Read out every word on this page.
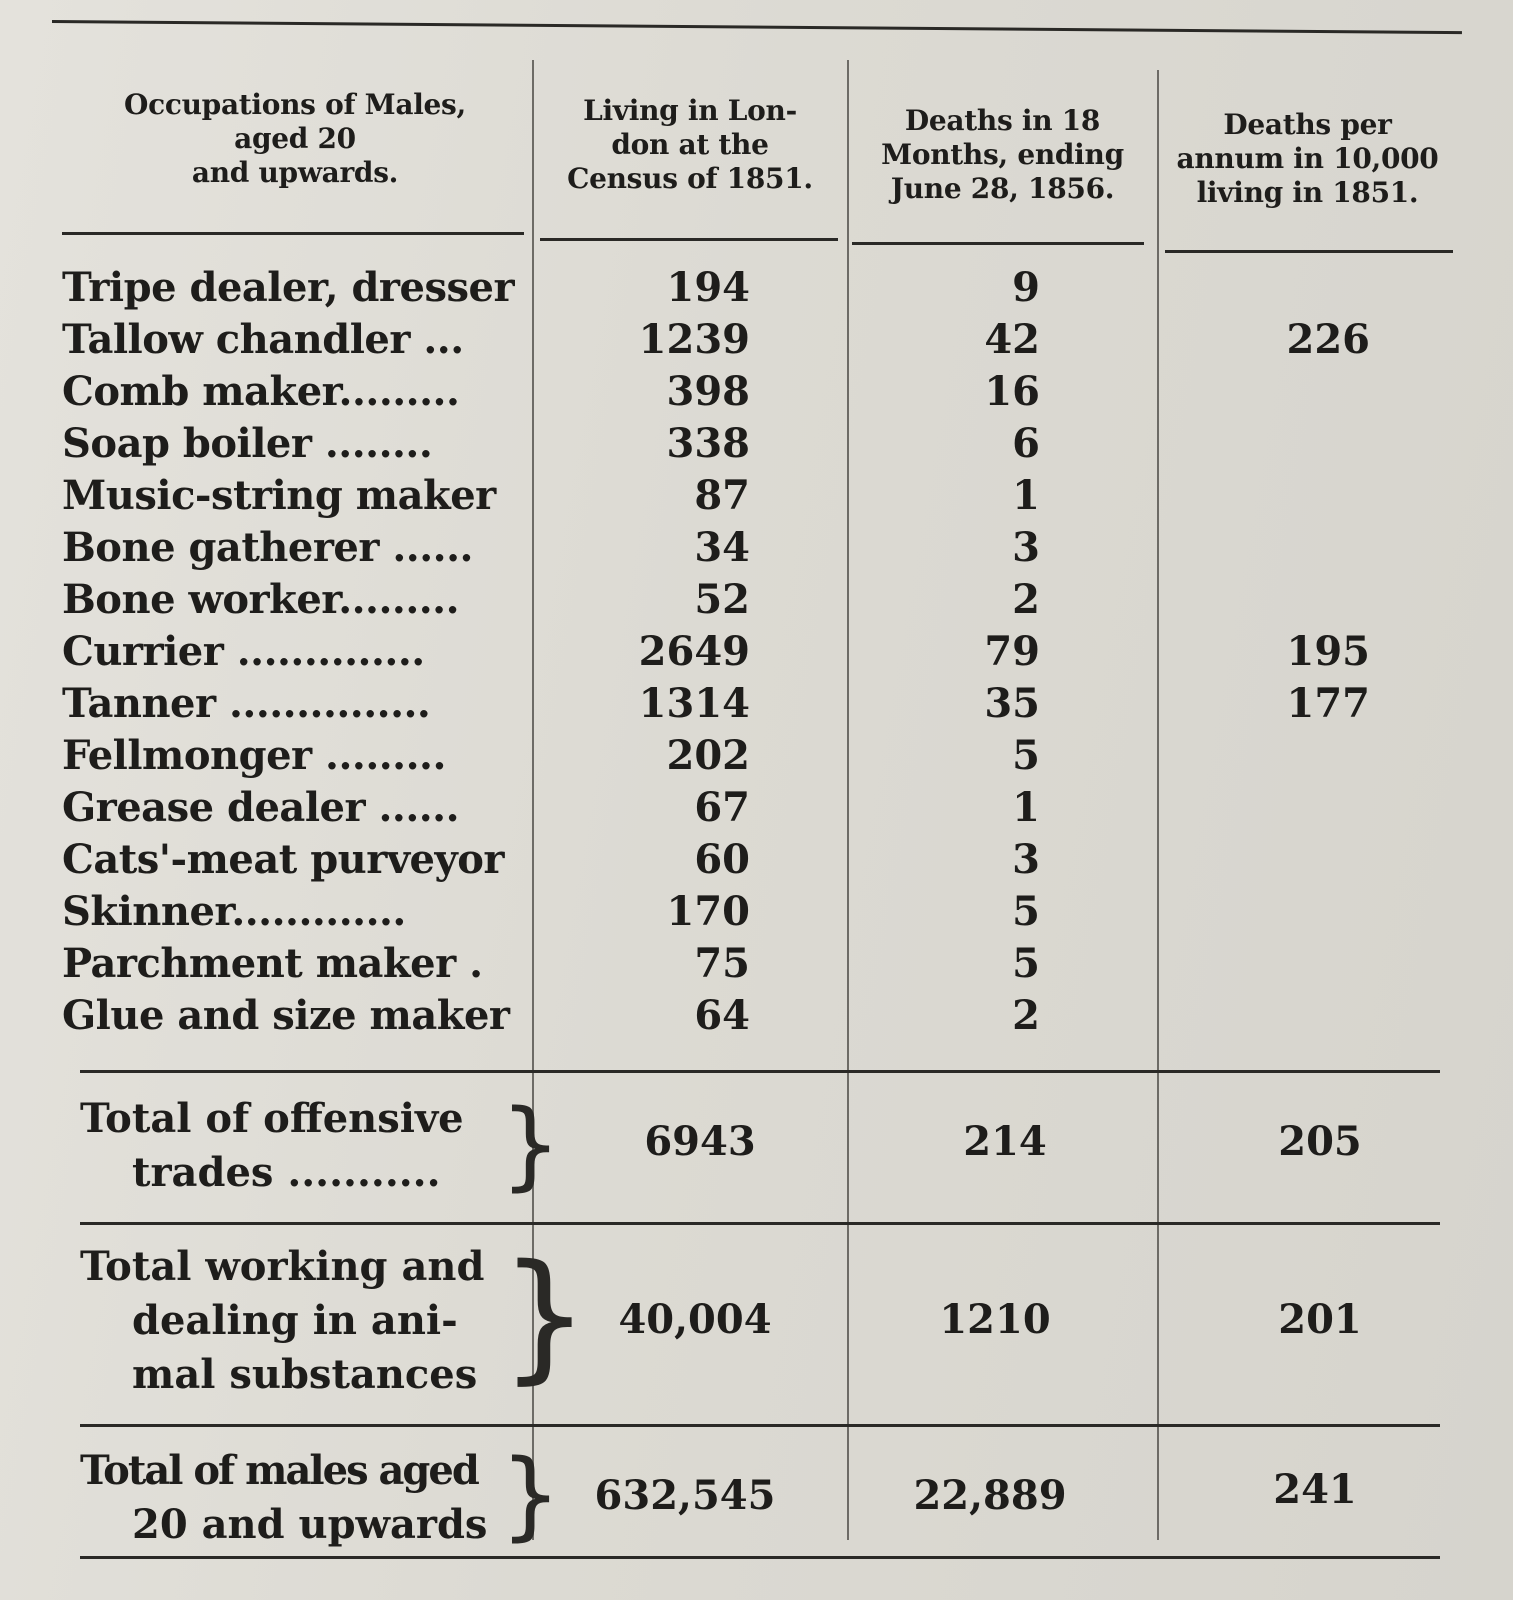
Occupations of Males,
aged 20
and upwards.
Living in Lon-
don at the
Census of 1851.
Deaths in 18
Months, ending
June 28, 1856.
Deaths per
annum in 10,000
living in 1851.
Tripe dealer, dresser	194	9
Tallow chandler ...	1239	42	226
Comb maker.........	398	16
Soap boiler ........	338	6
Music-string maker	87	1
Bone gatherer ......	34	3
Bone worker.........	52	2
Currier ..............	2649	79	195
Tanner ...............	1314	35	177
Fellmonger .........	202	5
Grease dealer ......	67	1
Cats'-meat purveyor	60	3
Skinner.............	170	5
Parchment maker .	75	5
Glue and size maker	64	2
Total of offensive
trades ........... }	6943	214	205
Total working and
dealing in ani-
mal substances } 40,004	1210	201
Total of males aged
20 and upwards } 632,545	22,889	241
